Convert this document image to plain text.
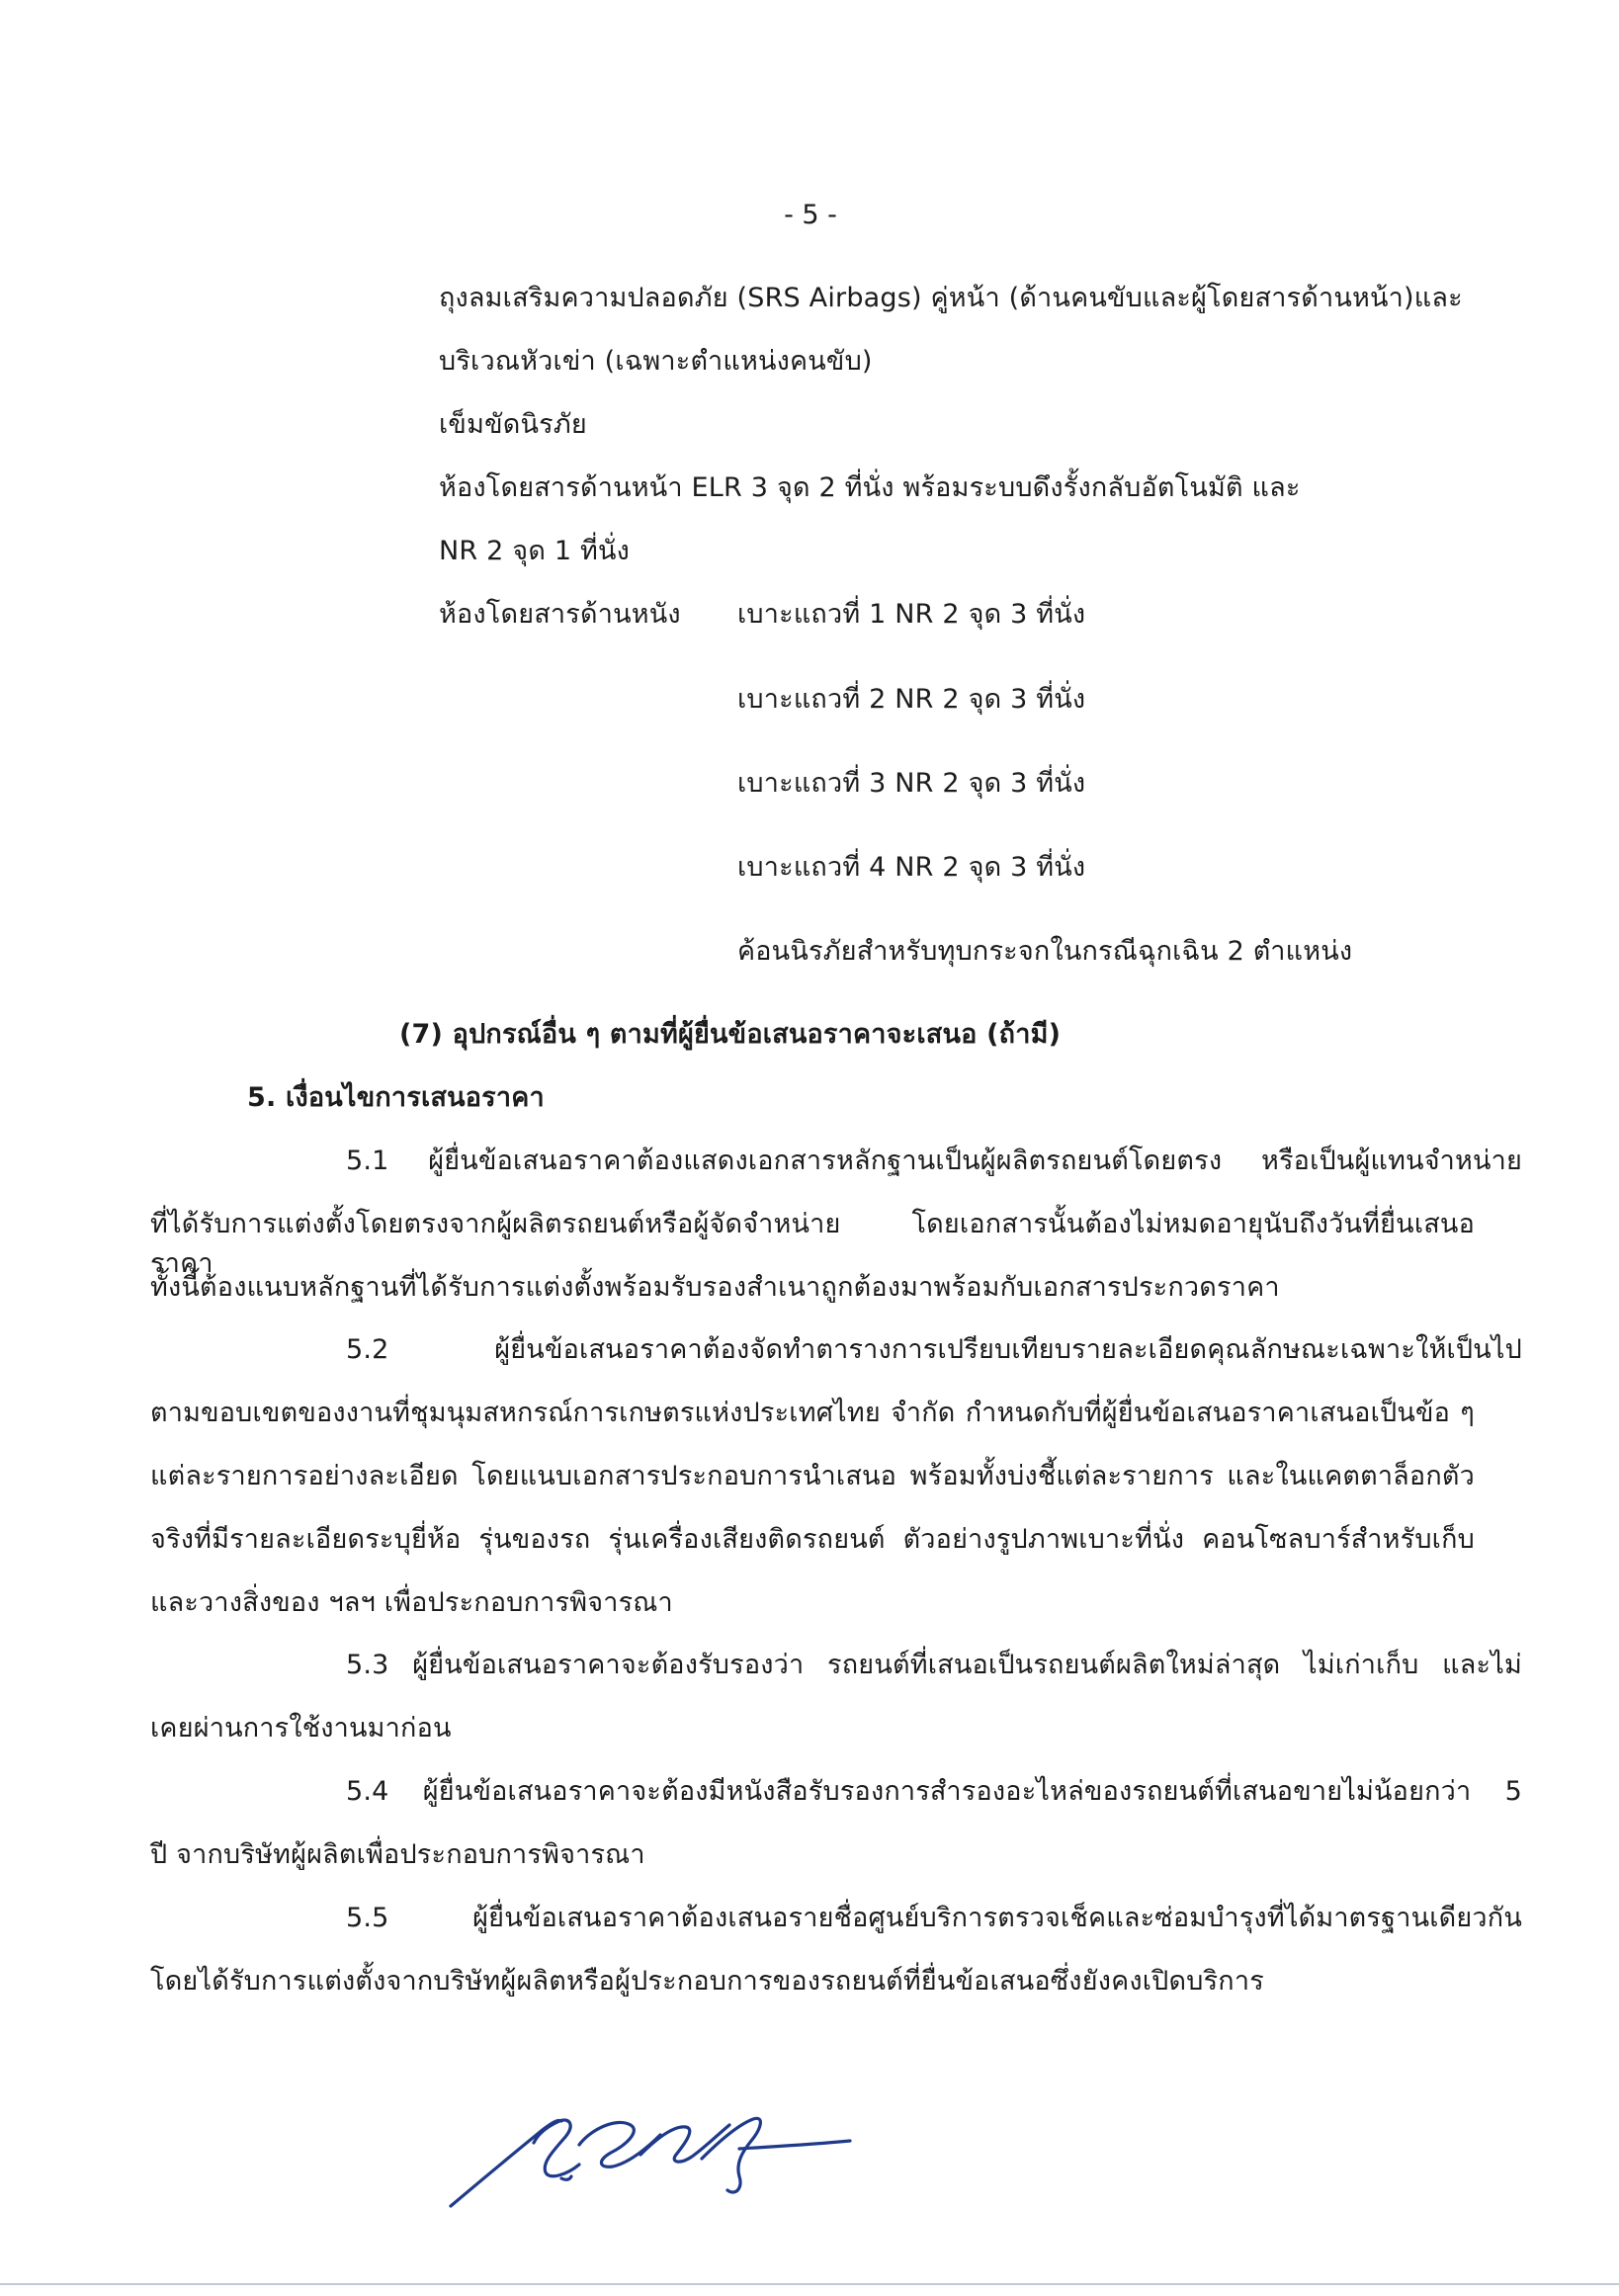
- 5 -
ถุงลมเสริมความปลอดภัย (SRS Airbags) คู่หน้า (ด้านคนขับและผู้โดยสารด้านหน้า)และ
บริเวณหัวเข่า (เฉพาะตำแหน่งคนขับ)
เข็มขัดนิรภัย
ห้องโดยสารด้านหน้า ELR 3 จุด 2 ที่นั่ง พร้อมระบบดึงรั้งกลับอัตโนมัติ และ
NR 2 จุด 1 ที่นั่ง
ห้องโดยสารด้านหนัง เบาะแถวที่ 1 NR 2 จุด 3 ที่นั่ง
เบาะแถวที่ 2 NR 2 จุด 3 ที่นั่ง
เบาะแถวที่ 3 NR 2 จุด 3 ที่นั่ง
เบาะแถวที่ 4 NR 2 จุด 3 ที่นั่ง
ค้อนนิรภัยสำหรับทุบกระจกในกรณีฉุกเฉิน 2 ตำแหน่ง
(7) อุปกรณ์อื่น ๆ ตามที่ผู้ยื่นข้อเสนอราคาจะเสนอ (ถ้ามี)
5. เงื่อนไขการเสนอราคา
5.1 ผู้ยื่นข้อเสนอราคาต้องแสดงเอกสารหลักฐานเป็นผู้ผลิตรถยนต์โดยตรง หรือเป็นผู้แทนจำหน่าย
ที่ได้รับการแต่งตั้งโดยตรงจากผู้ผลิตรถยนต์หรือผู้จัดจำหน่าย โดยเอกสารนั้นต้องไม่หมดอายุนับถึงวันที่ยื่นเสนอราคา
ทั้งนี้ต้องแนบหลักฐานที่ได้รับการแต่งตั้งพร้อมรับรองสำเนาถูกต้องมาพร้อมกับเอกสารประกวดราคา
5.2 ผู้ยื่นข้อเสนอราคาต้องจัดทำตารางการเปรียบเทียบรายละเอียดคุณลักษณะเฉพาะให้เป็นไป
ตามขอบเขตของงานที่ชุมนุมสหกรณ์การเกษตรแห่งประเทศไทย จำกัด กำหนดกับที่ผู้ยื่นข้อเสนอราคาเสนอเป็นข้อ ๆ
แต่ละรายการอย่างละเอียด โดยแนบเอกสารประกอบการนำเสนอ พร้อมทั้งบ่งชี้แต่ละรายการ และในแคตตาล็อกตัว
จริงที่มีรายละเอียดระบุยี่ห้อ รุ่นของรถ รุ่นเครื่องเสียงติดรถยนต์ ตัวอย่างรูปภาพเบาะที่นั่ง คอนโซลบาร์สำหรับเก็บ
และวางสิ่งของ ฯลฯ เพื่อประกอบการพิจารณา
5.3 ผู้ยื่นข้อเสนอราคาจะต้องรับรองว่า รถยนต์ที่เสนอเป็นรถยนต์ผลิตใหม่ล่าสุด ไม่เก่าเก็บ และไม่
เคยผ่านการใช้งานมาก่อน
5.4 ผู้ยื่นข้อเสนอราคาจะต้องมีหนังสือรับรองการสำรองอะไหล่ของรถยนต์ที่เสนอขายไม่น้อยกว่า 5
ปี จากบริษัทผู้ผลิตเพื่อประกอบการพิจารณา
5.5 ผู้ยื่นข้อเสนอราคาต้องเสนอรายชื่อศูนย์บริการตรวจเช็คและซ่อมบำรุงที่ได้มาตรฐานเดียวกัน
โดยได้รับการแต่งตั้งจากบริษัทผู้ผลิตหรือผู้ประกอบการของรถยนต์ที่ยื่นข้อเสนอซึ่งยังคงเปิดบริการ
